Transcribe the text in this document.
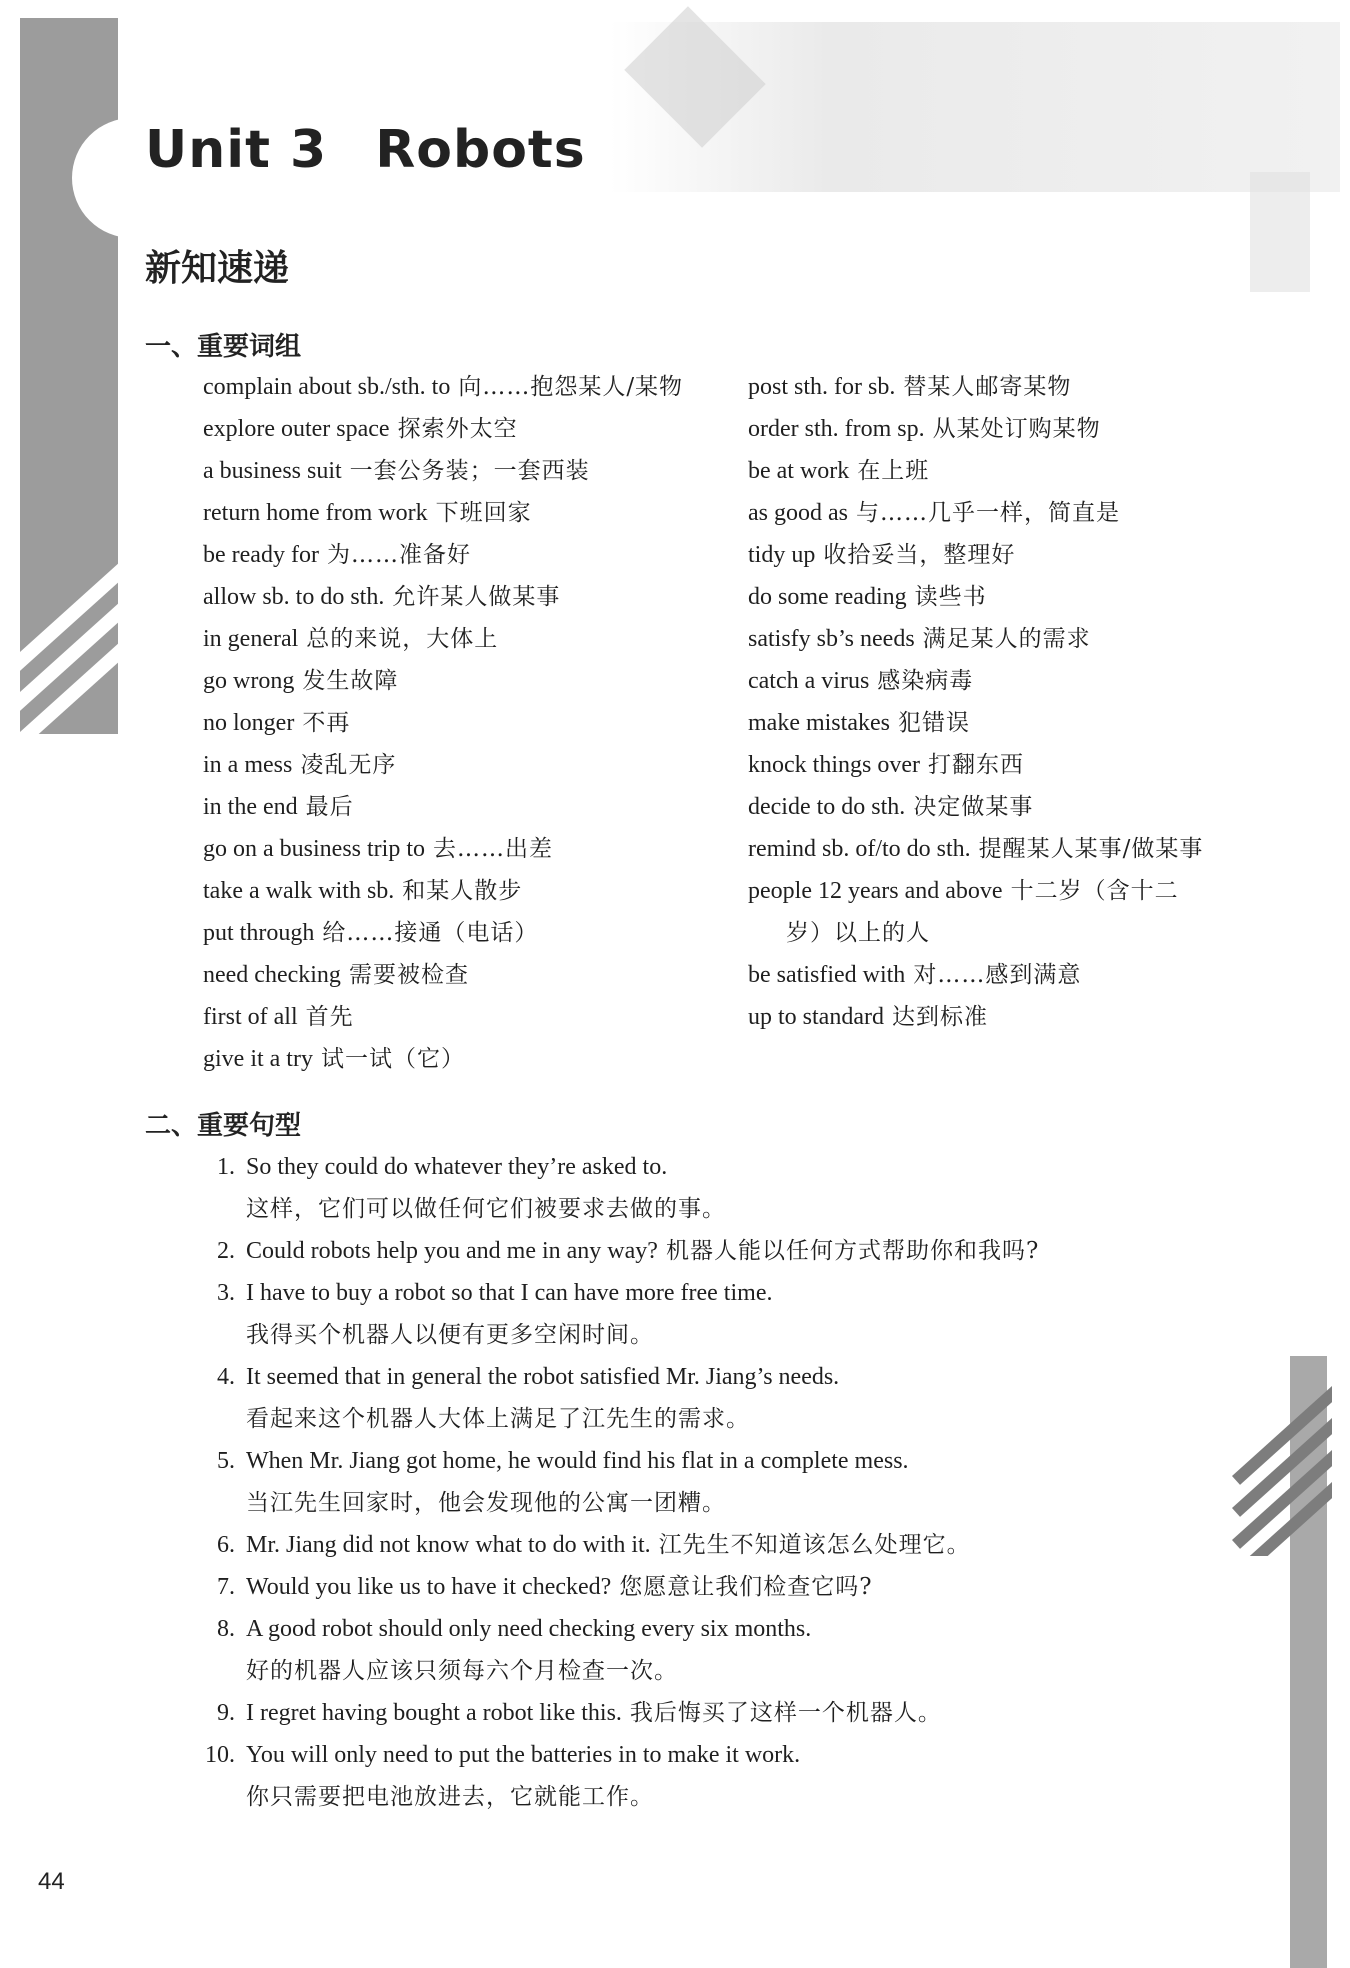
Unit 3 Robots
新知速递
一、重要词组
complain about sb./sth. to 向……抱怨某人/某物
explore outer space 探索外太空
a business suit 一套公务装；一套西装
return home from work 下班回家
be ready for 为……准备好
allow sb. to do sth. 允许某人做某事
in general 总的来说，大体上
go wrong 发生故障
no longer 不再
in a mess 凌乱无序
in the end 最后
go on a business trip to 去……出差
take a walk with sb. 和某人散步
put through 给……接通（电话）
need checking 需要被检查
first of all 首先
give it a try 试一试（它）
post sth. for sb. 替某人邮寄某物
order sth. from sp. 从某处订购某物
be at work 在上班
as good as 与……几乎一样，简直是
tidy up 收拾妥当，整理好
do some reading 读些书
satisfy sb’s needs 满足某人的需求
catch a virus 感染病毒
make mistakes 犯错误
knock things over 打翻东西
decide to do sth. 决定做某事
remind sb. of/to do sth. 提醒某人某事/做某事
people 12 years and above 十二岁（含十二
岁）以上的人
be satisfied with 对……感到满意
up to standard 达到标准
二、重要句型
1. So they could do whatever they’re asked to.
这样，它们可以做任何它们被要求去做的事。
2. Could robots help you and me in any way? 机器人能以任何方式帮助你和我吗?
3. I have to buy a robot so that I can have more free time.
我得买个机器人以便有更多空闲时间。
4. It seemed that in general the robot satisfied Mr. Jiang’s needs.
看起来这个机器人大体上满足了江先生的需求。
5. When Mr. Jiang got home, he would find his flat in a complete mess.
当江先生回家时，他会发现他的公寓一团糟。
6. Mr. Jiang did not know what to do with it. 江先生不知道该怎么处理它。
7. Would you like us to have it checked? 您愿意让我们检查它吗?
8. A good robot should only need checking every six months.
好的机器人应该只须每六个月检查一次。
9. I regret having bought a robot like this. 我后悔买了这样一个机器人。
10. You will only need to put the batteries in to make it work.
你只需要把电池放进去，它就能工作。
44
